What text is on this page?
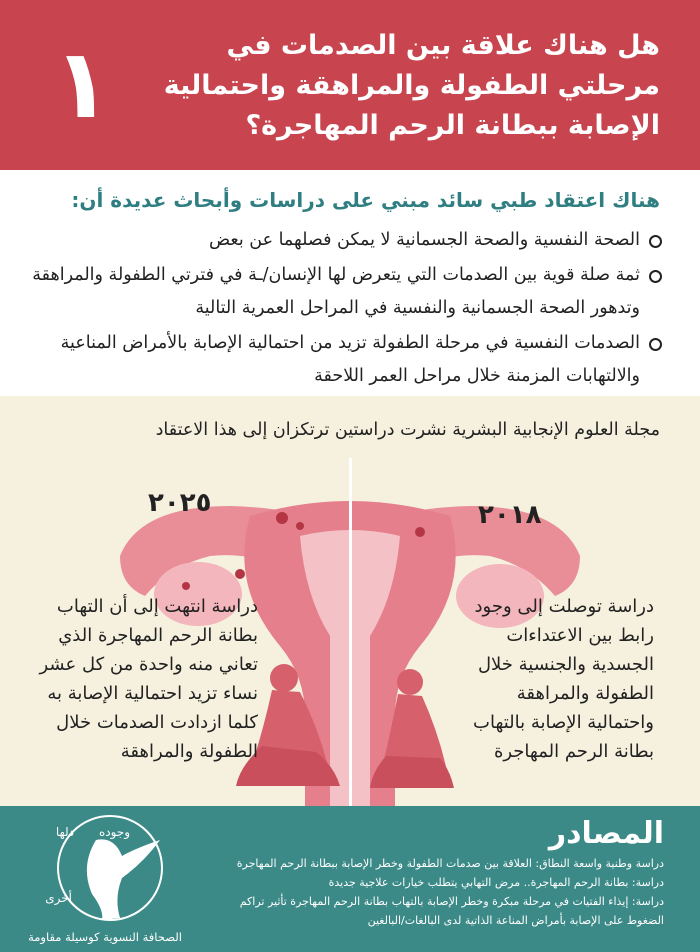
١	هل هناك علاقة بين الصدمات في مرحلتي الطفولة والمراهقة واحتمالية الإصابة ببطانة الرحم المهاجرة؟
هناك اعتقاد طبي سائد مبني على دراسات وأبحاث عديدة أن:
الصحة النفسية والصحة الجسمانية لا يمكن فصلهما عن بعض
ثمة صلة قوية بين الصدمات التي يتعرض لها الإنسان/ـة في فترتي الطفولة والمراهقة وتدهور الصحة الجسمانية والنفسية في المراحل العمرية التالية
الصدمات النفسية في مرحلة الطفولة تزيد من احتمالية الإصابة بالأمراض المناعية والالتهابات المزمنة خلال مراحل العمر اللاحقة
مجلة العلوم الإنجابية البشرية نشرت دراستين ترتكزان إلى هذا الاعتقاد
٢٠٢٥	٢٠١٨
دراسة انتهت إلى أن التهاب بطانة الرحم المهاجرة الذي تعاني منه واحدة من كل عشر نساء تزيد احتمالية الإصابة به كلما ازدادت الصدمات خلال الطفولة والمراهقة
دراسة توصلت إلى وجود رابط بين الاعتداءات الجسدية والجنسية خلال الطفولة والمراهقة واحتمالية الإصابة بالتهاب بطانة الرحم المهاجرة
المصادر
دراسة وطنية واسعة النطاق: العلاقة بين صدمات الطفولة وخطر الإصابة ببطانة الرحم المهاجرة
دراسة: بطانة الرحم المهاجرة.. مرض التهابي يتطلب خيارات علاجية جديدة
دراسة: إيذاء الفتيات في مرحلة مبكرة وخطر الإصابة بالتهاب بطانة الرحم المهاجرة تأثير تراكم
الضغوط على الإصابة بأمراض المناعة الذاتية لدى البالغات/البالغين
دلها وجوده
أخرى
الصحافة النسوية كوسيلة مقاومة
